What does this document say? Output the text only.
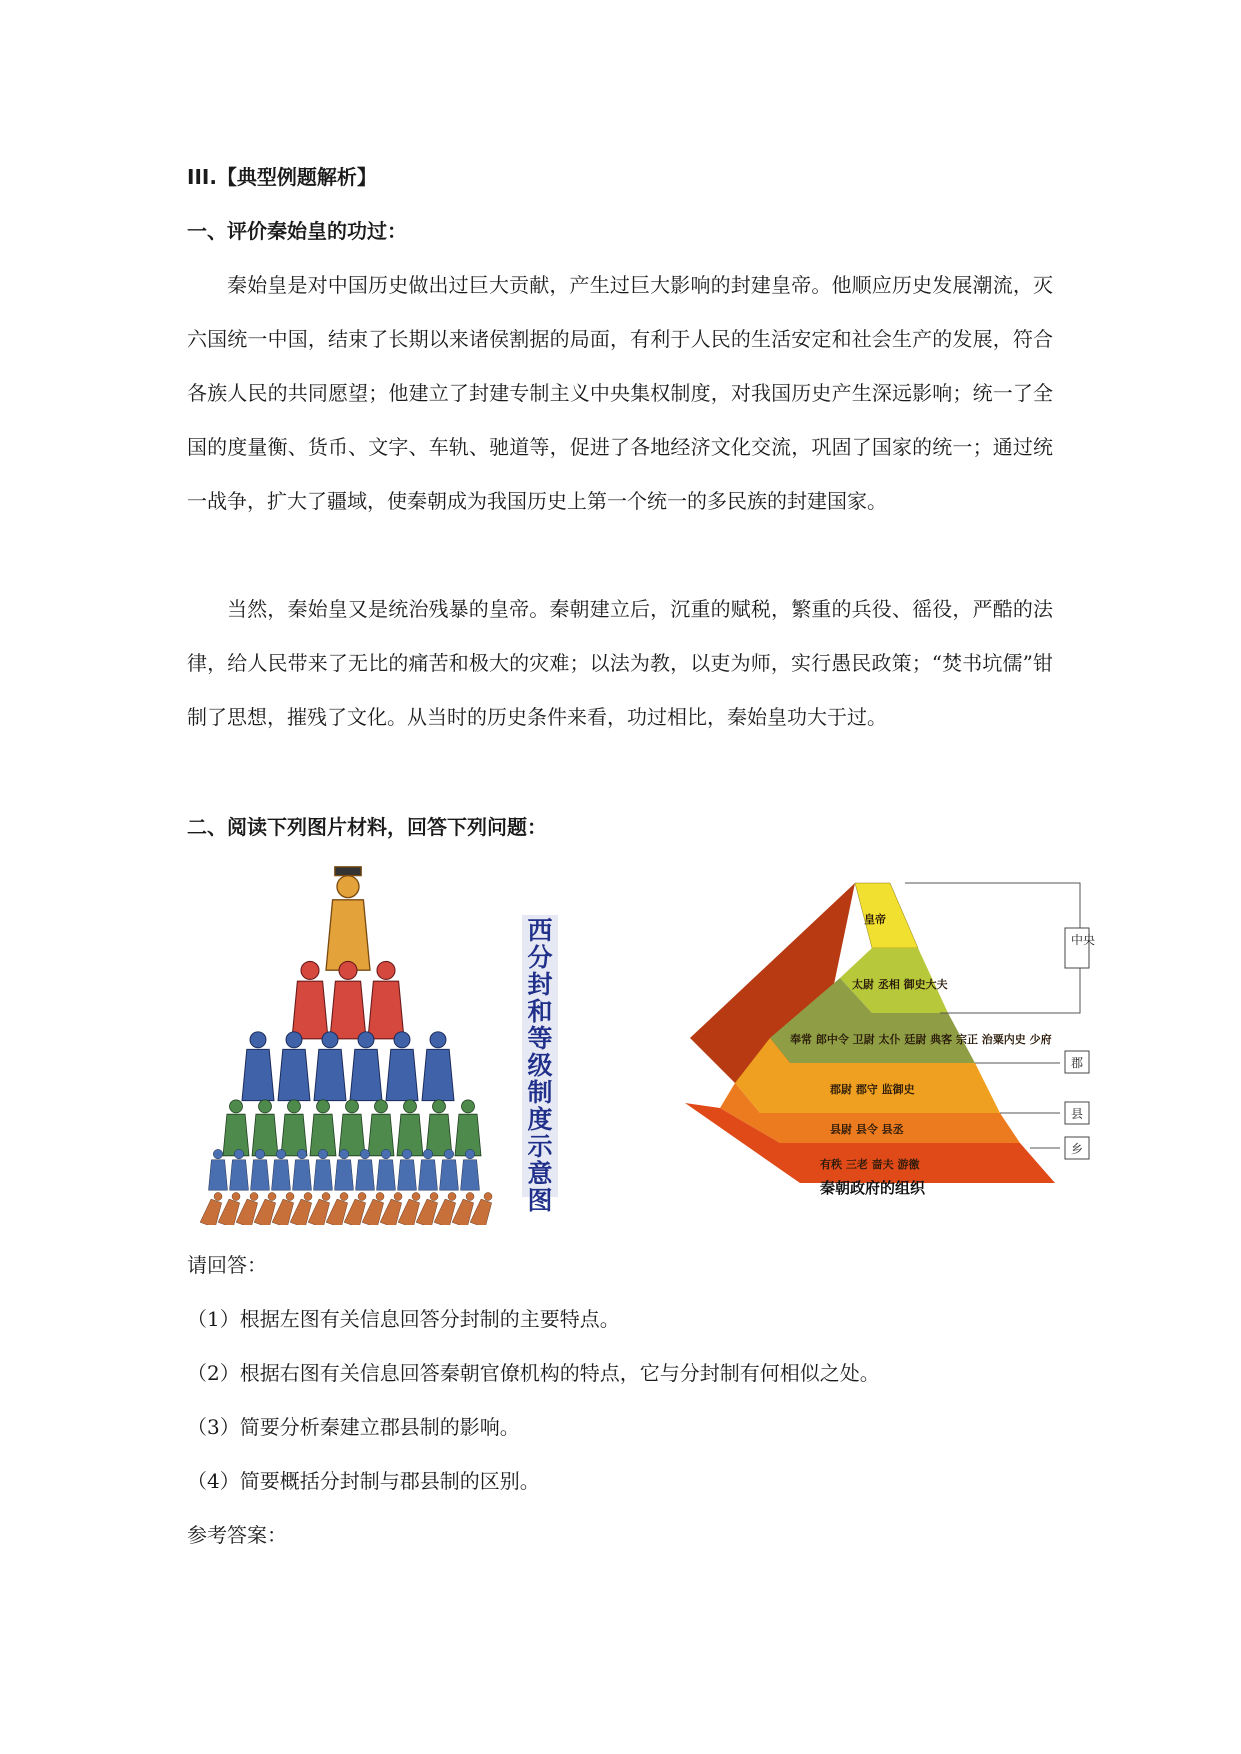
III.【典型例题解析】

一、评价秦始皇的功过：

秦始皇是对中国历史做出过巨大贡献，产生过巨大影响的封建皇帝。他顺应历史发展潮流，灭六国统一中国，结束了长期以来诸侯割据的局面，有利于人民的生活安定和社会生产的发展，符合各族人民的共同愿望；他建立了封建专制主义中央集权制度，对我国历史产生深远影响；统一了全国的度量衡、货币、文字、车轨、驰道等，促进了各地经济文化交流，巩固了国家的统一；通过统一战争，扩大了疆域，使秦朝成为我国历史上第一个统一的多民族的封建国家。

当然，秦始皇又是统治残暴的皇帝。秦朝建立后，沉重的赋税，繁重的兵役、徭役，严酷的法律，给人民带来了无比的痛苦和极大的灾难；以法为教，以吏为师，实行愚民政策；“焚书坑儒”钳制了思想，摧残了文化。从当时的历史条件来看，功过相比，秦始皇功大于过。

二、阅读下列图片材料，回答下列问题：

西分封和等级制度示意图
皇帝
太尉 丞相 御史大夫
奉常 郎中令 卫尉 太仆 廷尉 典客 宗正 治粟内史 少府
郡尉 郡守 监御史
县尉 县令 县丞
有秩 三老 啬夫 游徼
中央
郡
县
乡
秦朝政府的组织

请回答：

（1）根据左图有关信息回答分封制的主要特点。

（2）根据右图有关信息回答秦朝官僚机构的特点，它与分封制有何相似之处。

（3）简要分析秦建立郡县制的影响。

（4）简要概括分封制与郡县制的区别。

参考答案：
